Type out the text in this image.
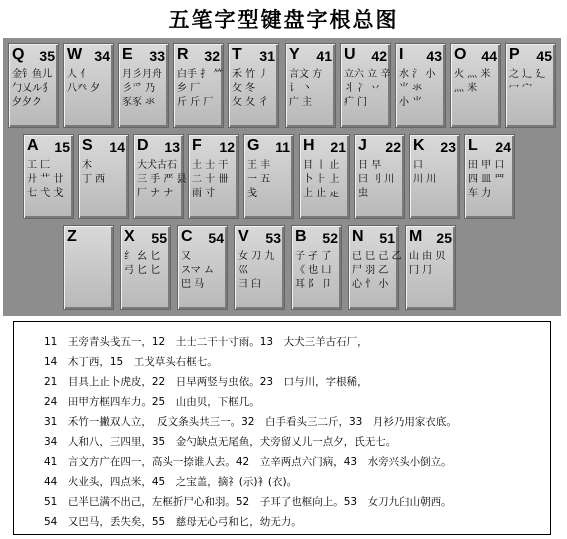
五笔字型键盘字根总图
Q 35
金钅鱼儿
勹乂ル犭
夕夕ク
W 34
人 亻
八癶 夕
E 33
月彡月舟
彡爫 乃
豕豕 氺
R 32
白手 扌 ⺮
乡 厂
斤 斤 厂
T 31
禾 竹 丿
攵 冬
攵 夂 彳
Y 41
言文 方
讠 丶
广 主
U 42
立六 立 辛
丬 冫 丷
疒 门
I 43
水 氵 小
⺌ 氺
小 ⺌
O 44
火 灬 米
灬 米
P 45
之 辶 廴
冖 宀
A 15
工 匚
廾 艹 廿
七 弋 戈
S 14
木
丁 西
D 13
大犬古石
三 手 严 县
厂 ナ ナ
F 12
土 士 干
二 十 卌
雨 寸
G 11
王 丰
一 五
戋
H 21
目 丨 止
卜 ⺊ 上
上 止 龰
J 22
日 早
曰 刂 川
虫
K 23
口
川 川
L 24
田 甲 口
四 皿 罒
车 力
Z	X 55
纟 幺 匕
弓 匕 匕
C 54
又
スマ ム
巴 马
V 53
女 刀 九
巛
彐 臼
B 52
子 孑 了
《 也 凵
耳 阝 卩
N 51
已 巳 己 乙
尸 羽 乙
心 忄 小
M 25
山 由 贝
冂 ⺆
11　王旁青头戋五一，12　土士二干十寸雨。13　大犬三羊古石厂，
14　木丁西，15　工戈草头右框七。
21　目具上止卜虎皮，22　日早两竖与虫依。23　口与川，字根稀，
24　田甲方框四车力。25　山由贝，下框几。
31　禾竹一撇双人立，　反文条头共三一。32　白手看头三二斤，33　月衫乃用家衣底。
34　人和八，三四里，35　金勺缺点无尾鱼，犬旁留乂儿一点夕，氏无七。
41　言文方广在四一，高头一捺谁人去。42　立辛两点六门病，43　水旁兴头小倒立。
44　火业头，四点米，45　之宝盖，摘礻(示)衤(衣)。
51　已半巳满不出己，左框折尸心和羽。52　子耳了也框向上。53　女刀九臼山朝西。
54　又巴马，丢失矣，55　慈母无心弓和匕，幼无力。
